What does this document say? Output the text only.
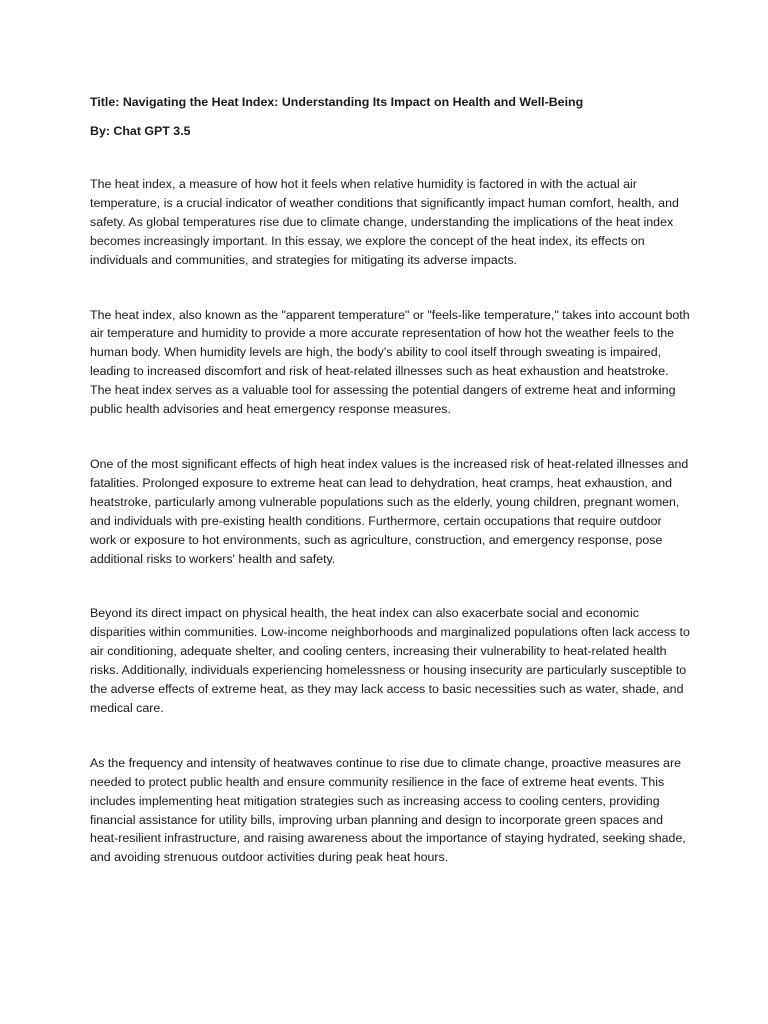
Title: Navigating the Heat Index: Understanding Its Impact on Health and Well-Being

By: Chat GPT 3.5

The heat index, a measure of how hot it feels when relative humidity is factored in with the actual air temperature, is a crucial indicator of weather conditions that significantly impact human comfort, health, and safety. As global temperatures rise due to climate change, understanding the implications of the heat index becomes increasingly important. In this essay, we explore the concept of the heat index, its effects on individuals and communities, and strategies for mitigating its adverse impacts.

The heat index, also known as the "apparent temperature" or "feels-like temperature," takes into account both air temperature and humidity to provide a more accurate representation of how hot the weather feels to the human body. When humidity levels are high, the body's ability to cool itself through sweating is impaired, leading to increased discomfort and risk of heat-related illnesses such as heat exhaustion and heatstroke. The heat index serves as a valuable tool for assessing the potential dangers of extreme heat and informing public health advisories and heat emergency response measures.

One of the most significant effects of high heat index values is the increased risk of heat-related illnesses and fatalities. Prolonged exposure to extreme heat can lead to dehydration, heat cramps, heat exhaustion, and heatstroke, particularly among vulnerable populations such as the elderly, young children, pregnant women, and individuals with pre-existing health conditions. Furthermore, certain occupations that require outdoor work or exposure to hot environments, such as agriculture, construction, and emergency response, pose additional risks to workers' health and safety.

Beyond its direct impact on physical health, the heat index can also exacerbate social and economic disparities within communities. Low-income neighborhoods and marginalized populations often lack access to air conditioning, adequate shelter, and cooling centers, increasing their vulnerability to heat-related health risks. Additionally, individuals experiencing homelessness or housing insecurity are particularly susceptible to the adverse effects of extreme heat, as they may lack access to basic necessities such as water, shade, and medical care.

As the frequency and intensity of heatwaves continue to rise due to climate change, proactive measures are needed to protect public health and ensure community resilience in the face of extreme heat events. This includes implementing heat mitigation strategies such as increasing access to cooling centers, providing financial assistance for utility bills, improving urban planning and design to incorporate green spaces and heat-resilient infrastructure, and raising awareness about the importance of staying hydrated, seeking shade, and avoiding strenuous outdoor activities during peak heat hours.
